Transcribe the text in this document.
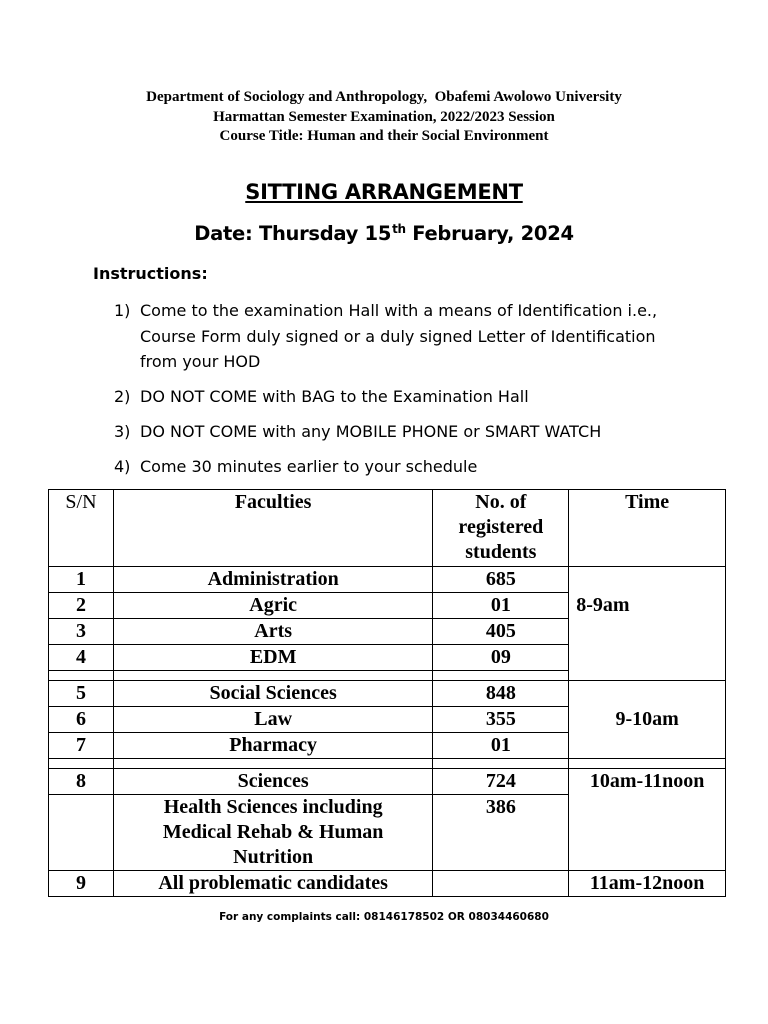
Department of Sociology and Anthropology,  Obafemi Awolowo University
Harmattan Semester Examination, 2022/2023 Session
Course Title: Human and their Social Environment
SITTING ARRANGEMENT
Date: Thursday 15th February, 2024
Instructions:
1) Come to the examination Hall with a means of Identification i.e., Course Form duly signed or a duly signed Letter of Identification from your HOD
2) DO NOT COME with BAG to the Examination Hall
3) DO NOT COME with any MOBILE PHONE or SMART WATCH
4) Come 30 minutes earlier to your schedule
S/N	Faculties	No. of registered students	Time
1	Administration	685	8-9am
2	Agric	01	
3	Arts	405	
4	EDM	09	

5	Social Sciences	848	9-10am
6	Law	355	
7	Pharmacy	01	

8	Sciences	724	10am-11noon
	Health Sciences including Medical Rehab & Human Nutrition	386	
9	All problematic candidates		11am-12noon
For any complaints call: 08146178502 OR 08034460680
